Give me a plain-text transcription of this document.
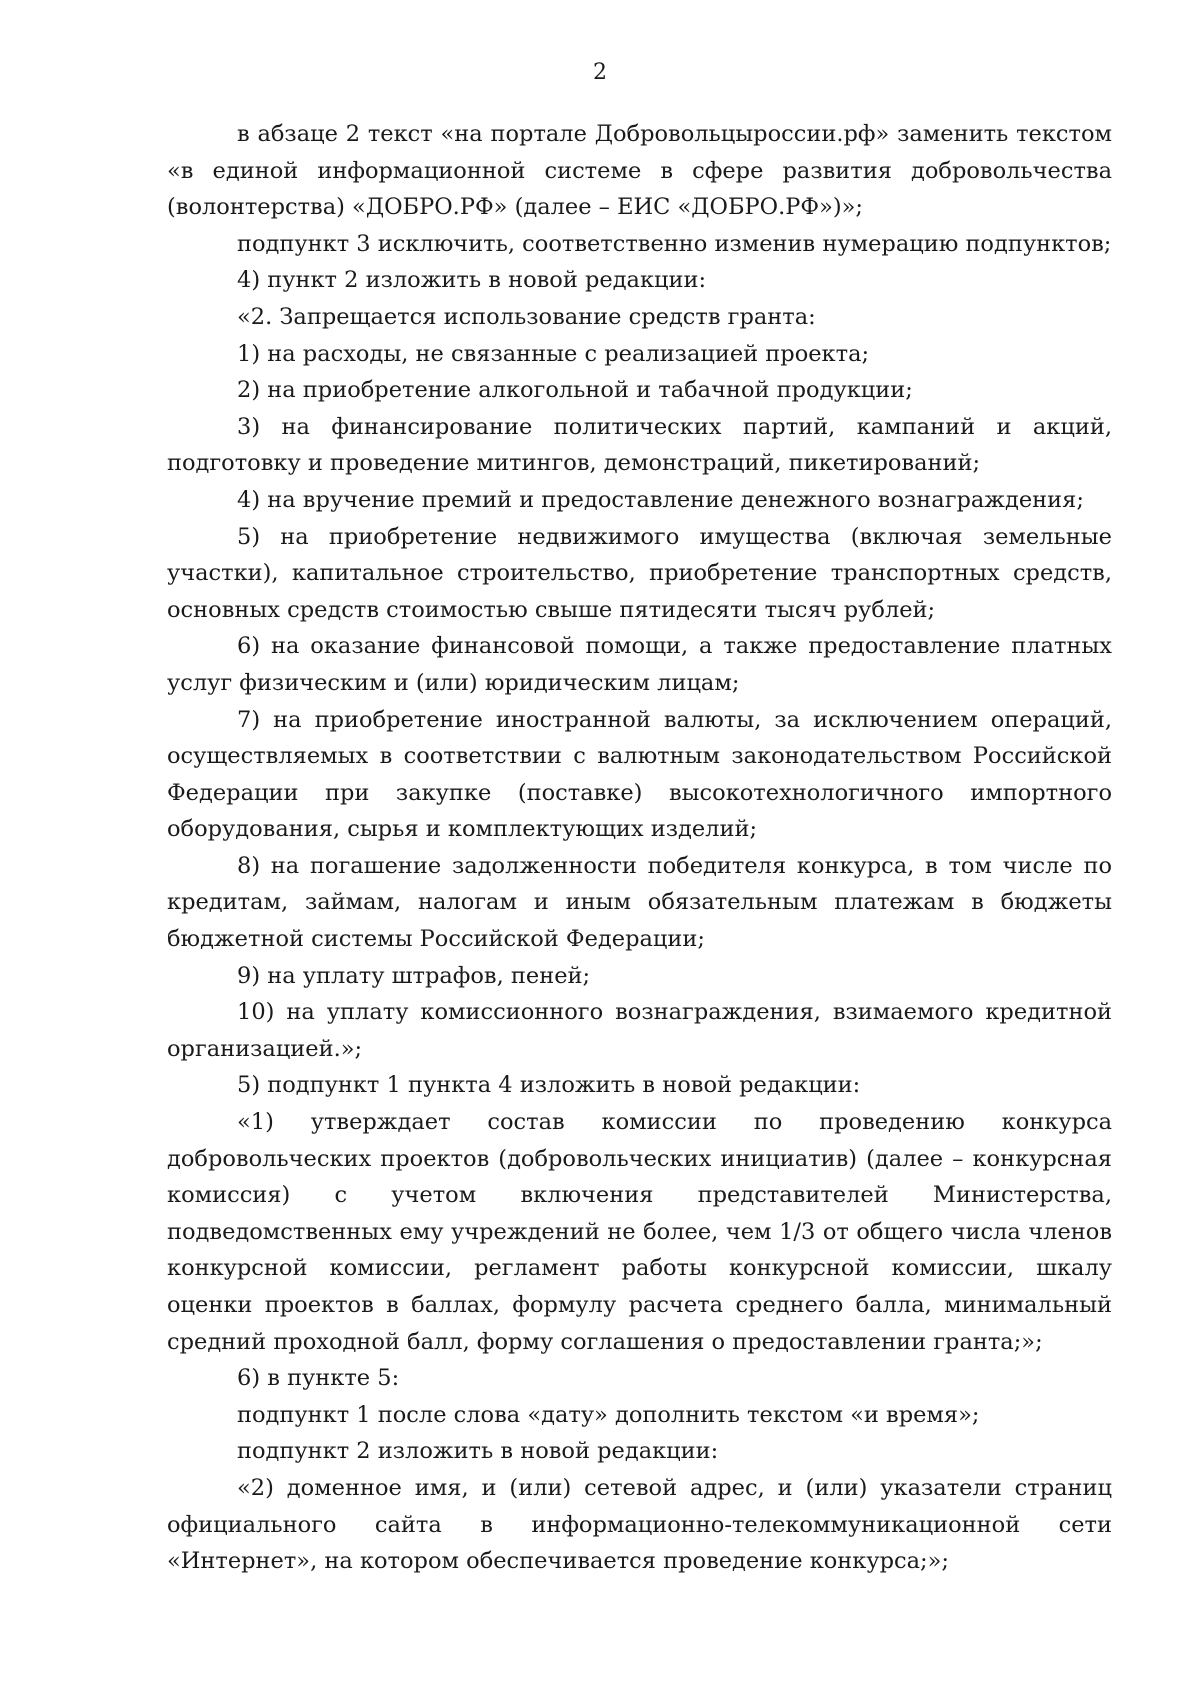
2

в абзаце 2 текст «на портале Добровольцыроссии.рф» заменить текстом «в единой информационной системе в сфере развития добровольчества (волонтерства) «ДОБРО.РФ» (далее – ЕИС «ДОБРО.РФ»)»;

подпункт 3 исключить, соответственно изменив нумерацию подпунктов;

4) пункт 2 изложить в новой редакции:

«2. Запрещается использование средств гранта:

1) на расходы, не связанные с реализацией проекта;

2) на приобретение алкогольной и табачной продукции;

3) на финансирование политических партий, кампаний и акций, подготовку и проведение митингов, демонстраций, пикетирований;

4) на вручение премий и предоставление денежного вознаграждения;

5) на приобретение недвижимого имущества (включая земельные участки), капитальное строительство, приобретение транспортных средств, основных средств стоимостью свыше пятидесяти тысяч рублей;

6) на оказание финансовой помощи, а также предоставление платных услуг физическим и (или) юридическим лицам;

7) на приобретение иностранной валюты, за исключением операций, осуществляемых в соответствии с валютным законодательством Российской Федерации при закупке (поставке) высокотехнологичного импортного оборудования, сырья и комплектующих изделий;

8) на погашение задолженности победителя конкурса, в том числе по кредитам, займам, налогам и иным обязательным платежам в бюджеты бюджетной системы Российской Федерации;

9) на уплату штрафов, пеней;

10) на уплату комиссионного вознаграждения, взимаемого кредитной организацией.»;

5) подпункт 1 пункта 4 изложить в новой редакции:

«1) утверждает состав комиссии по проведению конкурса добровольческих проектов (добровольческих инициатив) (далее – конкурсная комиссия) с учетом включения представителей Министерства, подведомственных ему учреждений не более, чем 1/3 от общего числа членов конкурсной комиссии, регламент работы конкурсной комиссии, шкалу оценки проектов в баллах, формулу расчета среднего балла, минимальный средний проходной балл, форму соглашения о предоставлении гранта;»;

6) в пункте 5:

подпункт 1 после слова «дату» дополнить текстом «и время»;

подпункт 2 изложить в новой редакции:

«2) доменное имя, и (или) сетевой адрес, и (или) указатели страниц официального сайта в информационно-телекоммуникационной сети «Интернет», на котором обеспечивается проведение конкурса;»;
